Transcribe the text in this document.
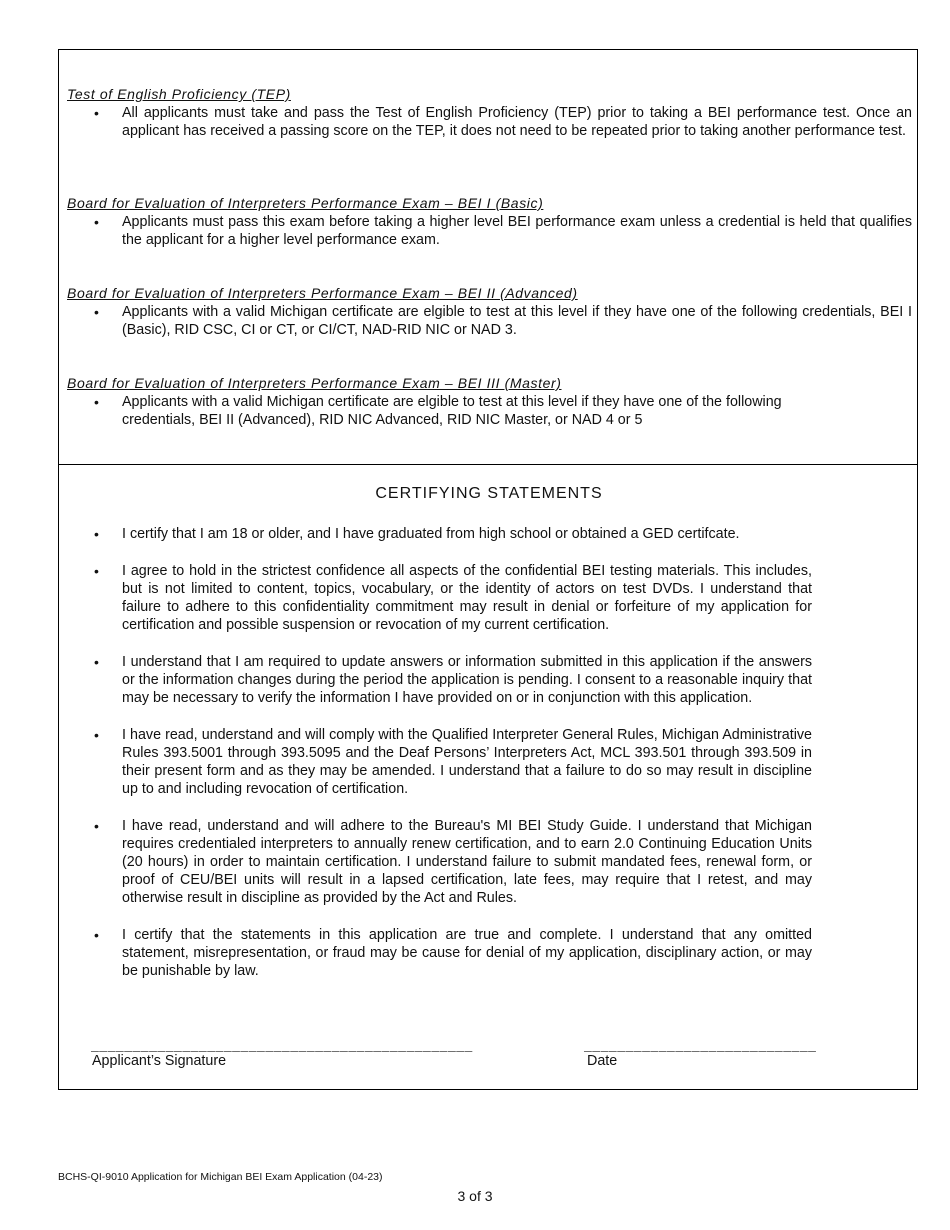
Test of English Proficiency (TEP)
• All applicants must take and pass the Test of English Proficiency (TEP) prior to taking a BEI performance test. Once an applicant has received a passing score on the TEP, it does not need to be repeated prior to taking another performance test.
Board for Evaluation of Interpreters Performance Exam – BEI I (Basic)
• Applicants must pass this exam before taking a higher level BEI performance exam unless a credential is held that qualifies the applicant for a higher level performance exam.
Board for Evaluation of Interpreters Performance Exam – BEI II (Advanced)
• Applicants with a valid Michigan certificate are elgible to test at this level if they have one of the following credentials, BEI I (Basic), RID CSC, CI or CT, or CI/CT, NAD-RID NIC or NAD 3.
Board for Evaluation of Interpreters Performance Exam – BEI III (Master)
• Applicants with a valid Michigan certificate are elgible to test at this level if they have one of the following credentials, BEI II (Advanced), RID NIC Advanced, RID NIC Master, or NAD 4 or 5
CERTIFYING STATEMENTS
• I certify that I am 18 or older, and I have graduated from high school or obtained a GED certifcate.
• I agree to hold in the strictest confidence all aspects of the confidential BEI testing materials. This includes, but is not limited to content, topics, vocabulary, or the identity of actors on test DVDs. I understand that failure to adhere to this confidentiality commitment may result in denial or forfeiture of my application for certification and possible suspension or revocation of my current certification.
• I understand that I am required to update answers or information submitted in this application if the answers or the information changes during the period the application is pending. I consent to a reasonable inquiry that may be necessary to verify the information I have provided on or in conjunction with this application.
• I have read, understand and will comply with the Qualified Interpreter General Rules, Michigan Administrative Rules 393.5001 through 393.5095 and the Deaf Persons’ Interpreters Act, MCL 393.501 through 393.509 in their present form and as they may be amended. I understand that a failure to do so may result in discipline up to and including revocation of certification.
• I have read, understand and will adhere to the Bureau's MI BEI Study Guide. I understand that Michigan requires credentialed interpreters to annually renew certification, and to earn 2.0 Continuing Education Units (20 hours) in order to maintain certification. I understand failure to submit mandated fees, renewal form, or proof of CEU/BEI units will result in a lapsed certification, late fees, may require that I retest, and may otherwise result in discipline as provided by the Act and Rules.
• I certify that the statements in this application are true and complete. I understand that any omitted statement, misrepresentation, or fraud may be cause for denial of my application, disciplinary action, or may be punishable by law.
______________________________________________
Applicant’s Signature
____________________________
Date
BCHS-QI-9010 Application for Michigan BEI Exam Application (04-23)
3 of 3
